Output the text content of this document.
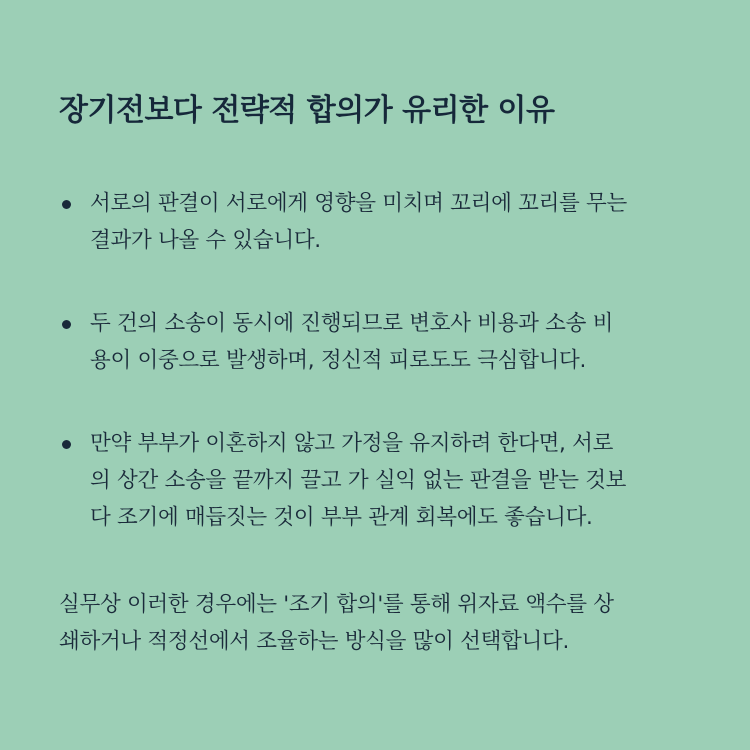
장기전보다 전략적 합의가 유리한 이유
서로의 판결이 서로에게 영향을 미치며 꼬리에 꼬리를 무는
결과가 나올 수 있습니다.
두 건의 소송이 동시에 진행되므로 변호사 비용과 소송 비
용이 이중으로 발생하며, 정신적 피로도도 극심합니다.
만약 부부가 이혼하지 않고 가정을 유지하려 한다면, 서로
의 상간 소송을 끝까지 끌고 가 실익 없는 판결을 받는 것보
다 조기에 매듭짓는 것이 부부 관계 회복에도 좋습니다.

실무상 이러한 경우에는 '조기 합의'를 통해 위자료 액수를 상
쇄하거나 적정선에서 조율하는 방식을 많이 선택합니다.
